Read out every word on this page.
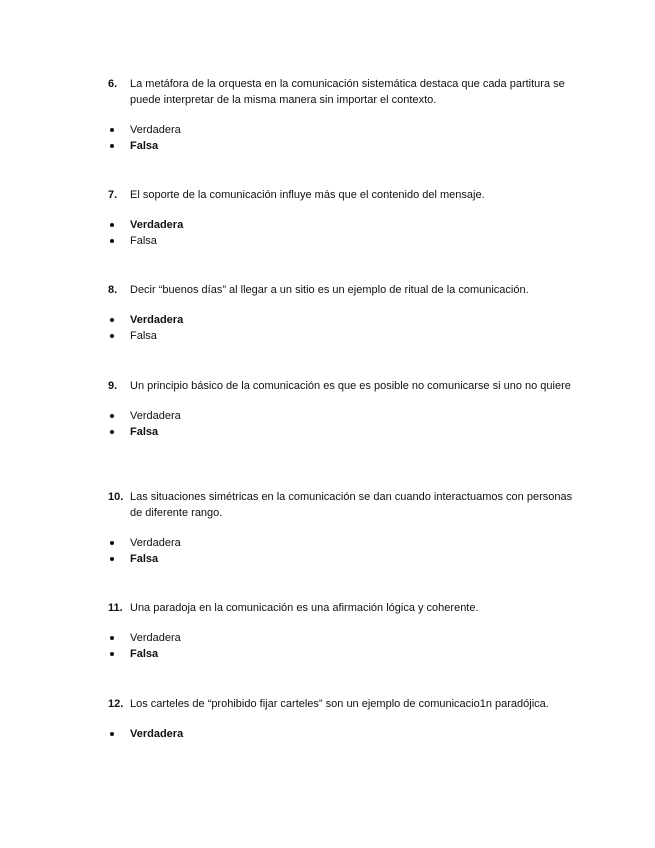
6. La metáfora de la orquesta en la comunicación sistemática destaca que cada partitura se puede interpretar de la misma manera sin importar el contexto.
Verdadera
Falsa
7. El soporte de la comunicación influye más que el contenido del mensaje.
Verdadera
Falsa
8. Decir “buenos días” al llegar a un sitio es un ejemplo de ritual de la comunicación.
Verdadera
Falsa
9. Un principio básico de la comunicación es que es posible no comunicarse si uno no quiere
Verdadera
Falsa
10. Las situaciones simétricas en la comunicación se dan cuando interactuamos con personas de diferente rango.
Verdadera
Falsa
11. Una paradoja en la comunicación es una afirmación lógica y coherente.
Verdadera
Falsa
12. Los carteles de “prohibido fijar carteles” son un ejemplo de comunicacio1n paradójica.
Verdadera
